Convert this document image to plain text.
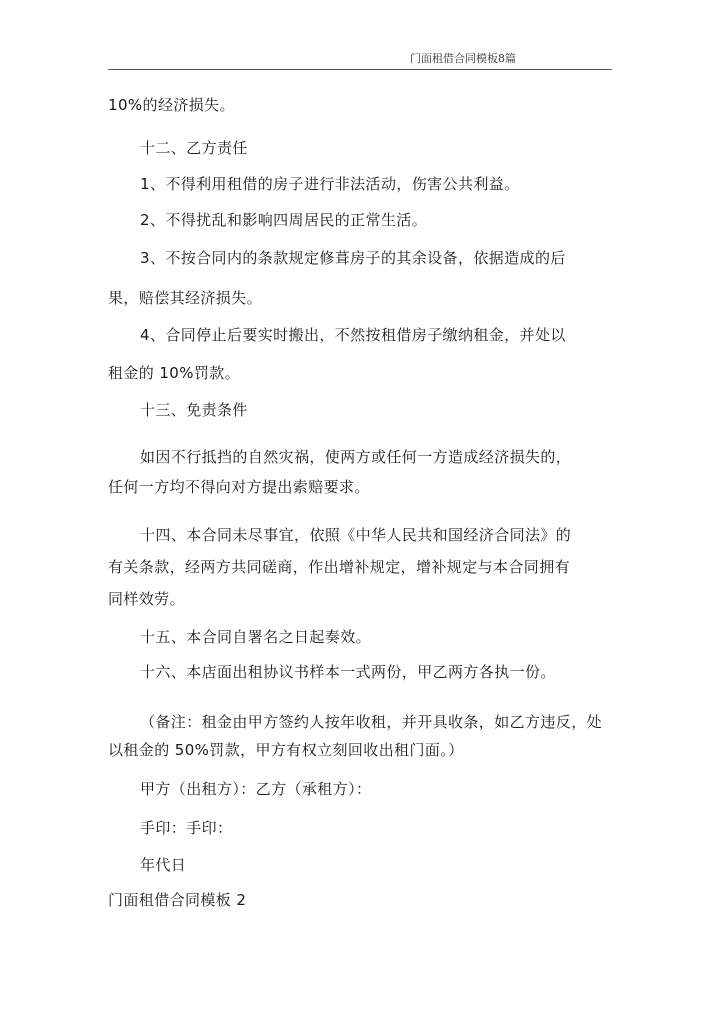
门面租借合同模板8篇
10%的经济损失。
十二、乙方责任
1、不得利用租借的房子进行非法活动，伤害公共利益。
2、不得扰乱和影响四周居民的正常生活。
3、不按合同内的条款规定修葺房子的其余设备，依据造成的后
果，赔偿其经济损失。
4、合同停止后要实时搬出，不然按租借房子缴纳租金，并处以
租金的 10%罚款。
十三、免责条件
如因不行抵挡的自然灾祸，使两方或任何一方造成经济损失的，
任何一方均不得向对方提出索赔要求。
十四、本合同未尽事宜，依照《中华人民共和国经济合同法》的
有关条款，经两方共同磋商，作出增补规定，增补规定与本合同拥有
同样效劳。
十五、本合同自署名之日起奏效。
十六、本店面出租协议书样本一式两份，甲乙两方各执一份。
（备注：租金由甲方签约人按年收租，并开具收条，如乙方违反，处
以租金的 50%罚款，甲方有权立刻回收出租门面。）
甲方（出租方）：乙方（承租方）：
手印：手印：
年代日
门面租借合同模板 2
